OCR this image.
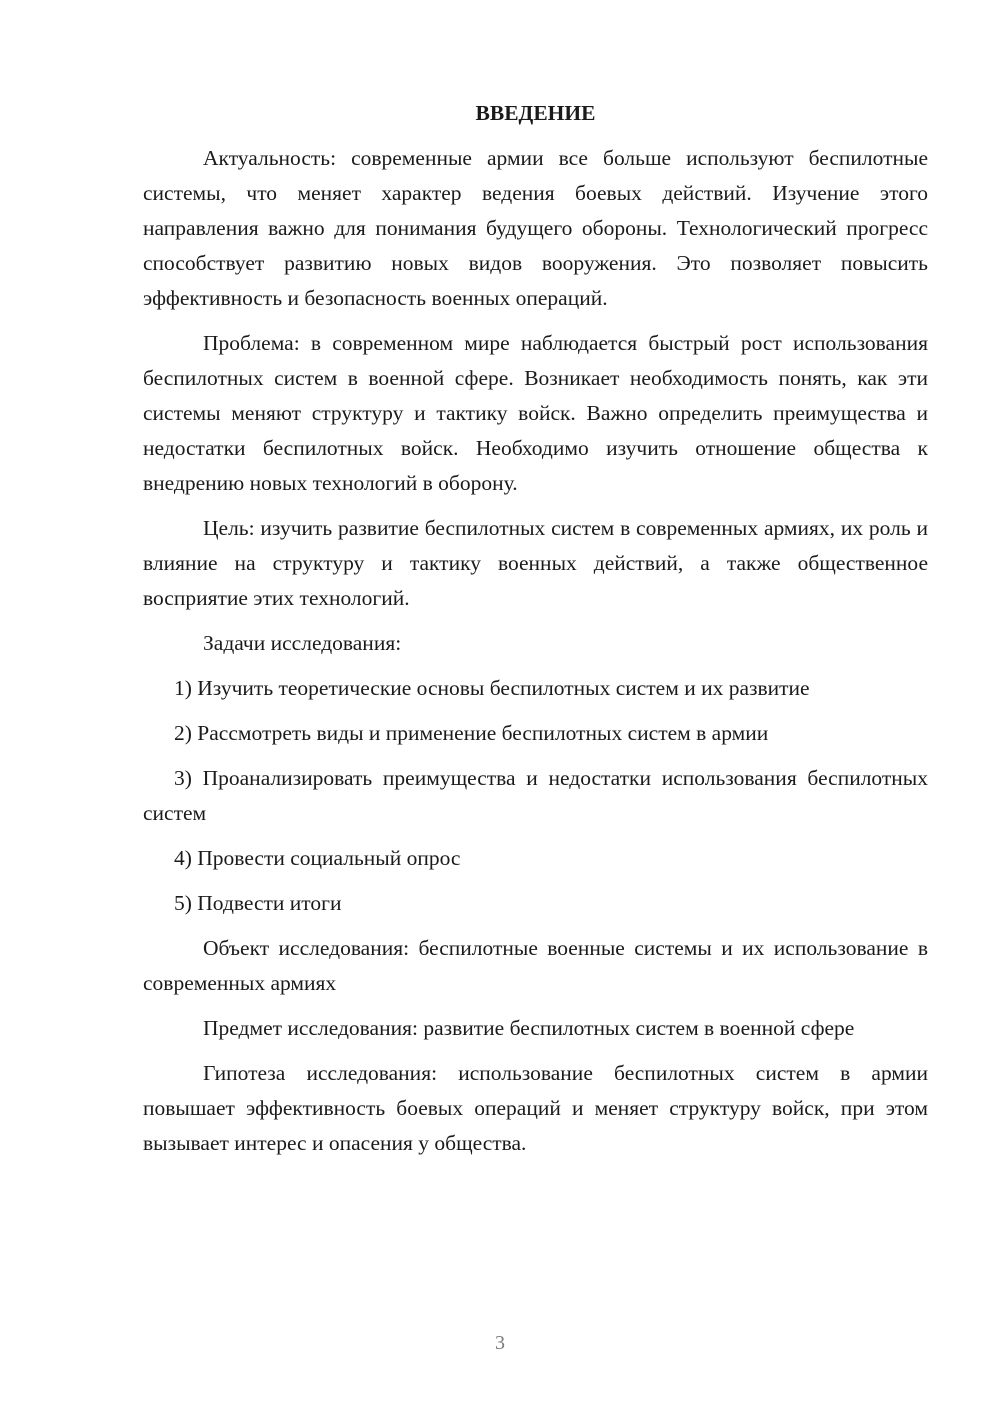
ВВЕДЕНИЕ

Актуальность: современные армии все больше используют беспилотные системы, что меняет характер ведения боевых действий. Изучение этого направления важно для понимания будущего обороны. Технологический прогресс способствует развитию новых видов вооружения. Это позволяет повысить эффективность и безопасность военных операций.

Проблема: в современном мире наблюдается быстрый рост использования беспилотных систем в военной сфере. Возникает необходимость понять, как эти системы меняют структуру и тактику войск. Важно определить преимущества и недостатки беспилотных войск. Необходимо изучить отношение общества к внедрению новых технологий в оборону.

Цель: изучить развитие беспилотных систем в современных армиях, их роль и влияние на структуру и тактику военных действий, а также общественное восприятие этих технологий.

Задачи исследования:

1) Изучить теоретические основы беспилотных систем и их развитие

2) Рассмотреть виды и применение беспилотных систем в армии

3) Проанализировать преимущества и недостатки использования беспилотных систем

4) Провести социальный опрос

5) Подвести итоги

Объект исследования: беспилотные военные системы и их использование в современных армиях

Предмет исследования: развитие беспилотных систем в военной сфере

Гипотеза исследования: использование беспилотных систем в армии повышает эффективность боевых операций и меняет структуру войск, при этом вызывает интерес и опасения у общества.

3
